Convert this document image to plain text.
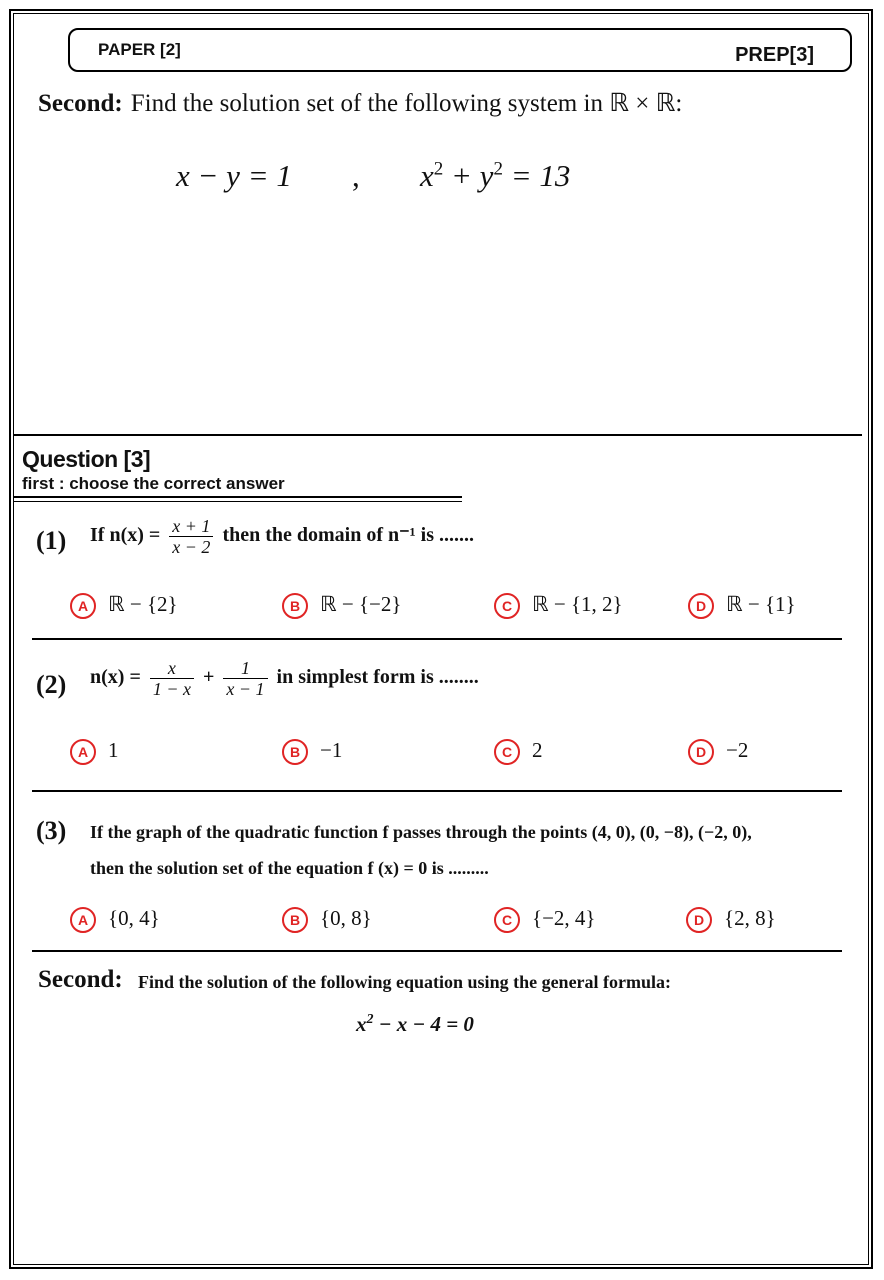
PAPER [2]	PREP[3]
Second: Find the solution set of the following system in ℝ × ℝ:
x − y = 1 , $x^2 + y^2 = 13$
Question [3]
first : choose the correct answer
(1) If $n(x) = \frac{x + 1}{x - 2}$ then the domain of n⁻¹ is .......
A ℝ − {2}	B ℝ − {−2}	C ℝ − {1, 2}	D ℝ − {1}
(2) $n(x) = \frac{x}{1 - x} + \frac{1}{x - 1}$ in simplest form is ........
A 1	B −1	C 2	D −2
(3) If the graph of the quadratic function f passes through the points (4, 0), (0, −8), (−2, 0),
then the solution set of the equation f (x) = 0 is .........
A {0, 4}	B {0, 8}	C {−2, 4}	D {2, 8}
Second: Find the solution of the following equation using the general formula:
$x^2 - x - 4 = 0$
